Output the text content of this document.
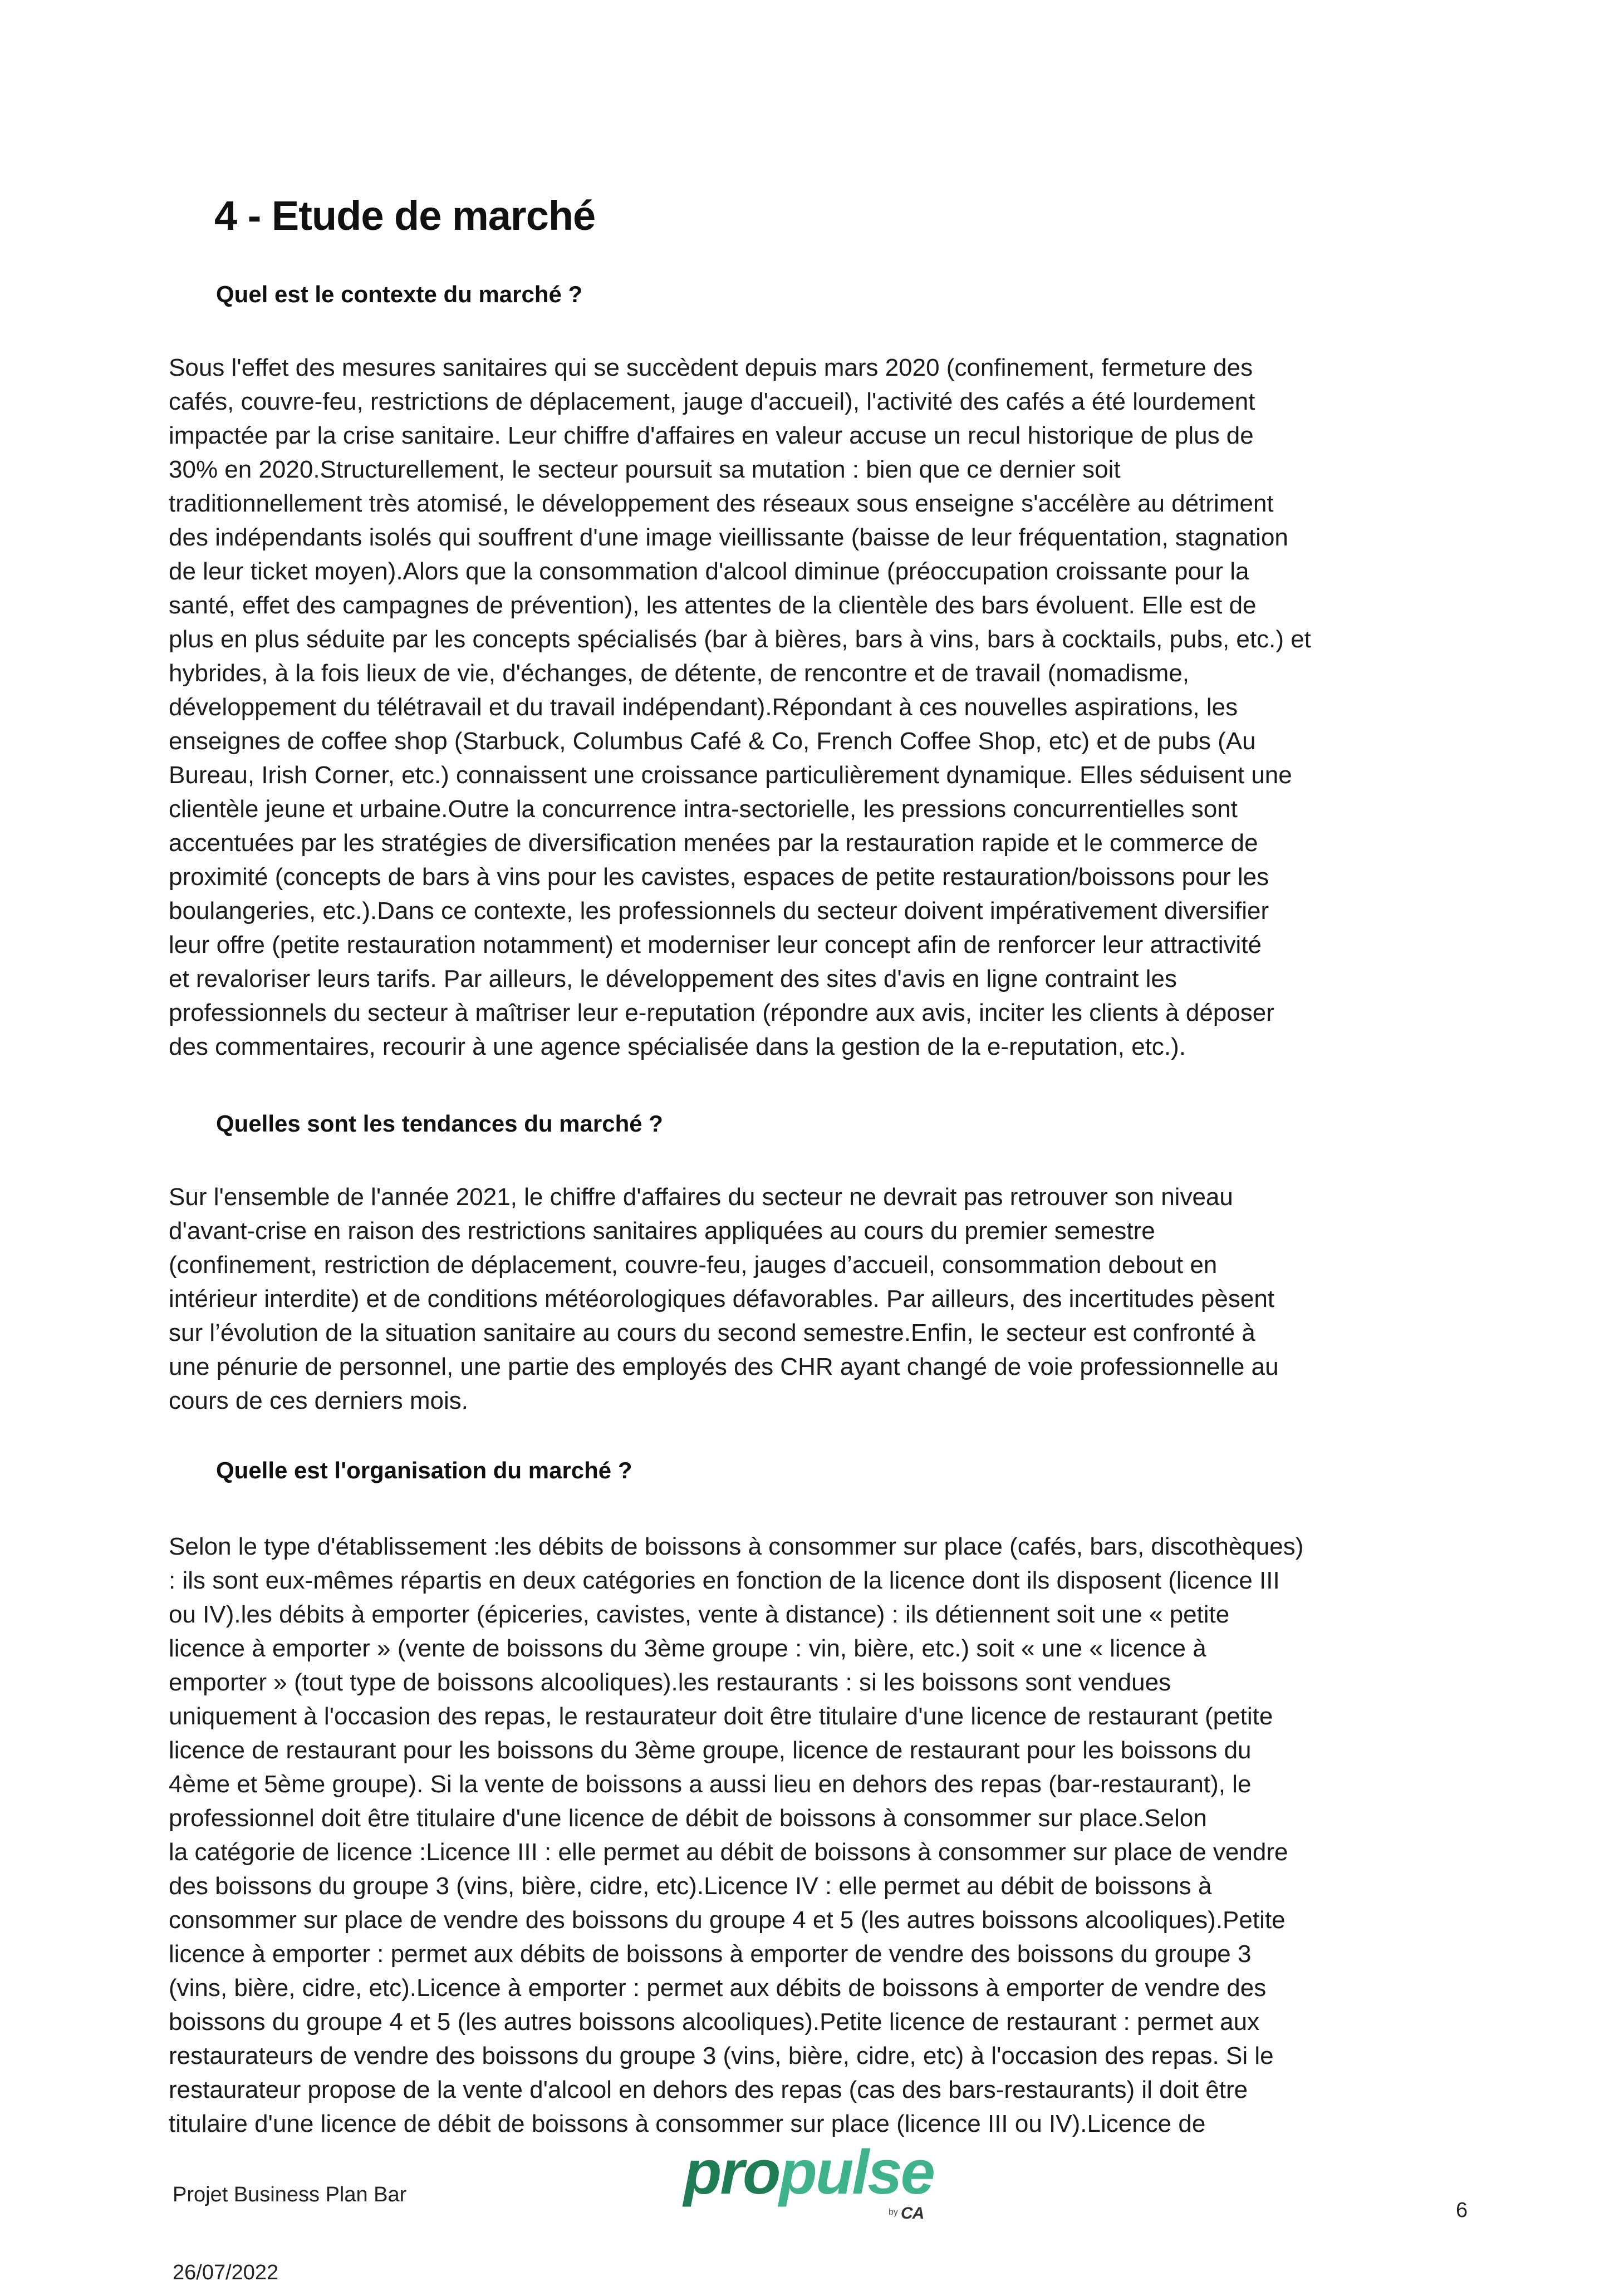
4 - Etude de marché
Quel est le contexte du marché ?
Sous l'effet des mesures sanitaires qui se succèdent depuis mars 2020 (confinement, fermeture des
cafés, couvre-feu, restrictions de déplacement, jauge d'accueil), l'activité des cafés a été lourdement
impactée par la crise sanitaire. Leur chiffre d'affaires en valeur accuse un recul historique de plus de
30% en 2020.Structurellement, le secteur poursuit sa mutation : bien que ce dernier soit
traditionnellement très atomisé, le développement des réseaux sous enseigne s'accélère au détriment
des indépendants isolés qui souffrent d'une image vieillissante (baisse de leur fréquentation, stagnation
de leur ticket moyen).Alors que la consommation d'alcool diminue (préoccupation croissante pour la
santé, effet des campagnes de prévention), les attentes de la clientèle des bars évoluent. Elle est de
plus en plus séduite par les concepts spécialisés (bar à bières, bars à vins, bars à cocktails, pubs, etc.) et
hybrides, à la fois lieux de vie, d'échanges, de détente, de rencontre et de travail (nomadisme,
développement du télétravail et du travail indépendant).Répondant à ces nouvelles aspirations, les
enseignes de coffee shop (Starbuck, Columbus Café & Co, French Coffee Shop, etc) et de pubs (Au
Bureau, Irish Corner, etc.) connaissent une croissance particulièrement dynamique. Elles séduisent une
clientèle jeune et urbaine.Outre la concurrence intra-sectorielle, les pressions concurrentielles sont
accentuées par les stratégies de diversification menées par la restauration rapide et le commerce de
proximité (concepts de bars à vins pour les cavistes, espaces de petite restauration/boissons pour les
boulangeries, etc.).Dans ce contexte, les professionnels du secteur doivent impérativement diversifier
leur offre (petite restauration notamment) et moderniser leur concept afin de renforcer leur attractivité
et revaloriser leurs tarifs. Par ailleurs, le développement des sites d'avis en ligne contraint les
professionnels du secteur à maîtriser leur e-reputation (répondre aux avis, inciter les clients à déposer
des commentaires, recourir à une agence spécialisée dans la gestion de la e-reputation, etc.).
Quelles sont les tendances du marché ?
Sur l'ensemble de l'année 2021, le chiffre d'affaires du secteur ne devrait pas retrouver son niveau
d'avant-crise en raison des restrictions sanitaires appliquées au cours du premier semestre
(confinement, restriction de déplacement, couvre-feu, jauges d’accueil, consommation debout en
intérieur interdite) et de conditions météorologiques défavorables. Par ailleurs, des incertitudes pèsent
sur l’évolution de la situation sanitaire au cours du second semestre.Enfin, le secteur est confronté à
une pénurie de personnel, une partie des employés des CHR ayant changé de voie professionnelle au
cours de ces derniers mois.
Quelle est l'organisation du marché ?
Selon le type d'établissement :les débits de boissons à consommer sur place (cafés, bars, discothèques)
: ils sont eux-mêmes répartis en deux catégories en fonction de la licence dont ils disposent (licence III
ou IV).les débits à emporter (épiceries, cavistes, vente à distance) : ils détiennent soit une « petite
licence à emporter » (vente de boissons du 3ème groupe : vin, bière, etc.) soit « une « licence à
emporter » (tout type de boissons alcooliques).les restaurants : si les boissons sont vendues
uniquement à l'occasion des repas, le restaurateur doit être titulaire d'une licence de restaurant (petite
licence de restaurant pour les boissons du 3ème groupe, licence de restaurant pour les boissons du
4ème et 5ème groupe). Si la vente de boissons a aussi lieu en dehors des repas (bar-restaurant), le
professionnel doit être titulaire d'une licence de débit de boissons à consommer sur place.Selon
la catégorie de licence :Licence III : elle permet au débit de boissons à consommer sur place de vendre
des boissons du groupe 3 (vins, bière, cidre, etc).Licence IV : elle permet au débit de boissons à
consommer sur place de vendre des boissons du groupe 4 et 5 (les autres boissons alcooliques).Petite
licence à emporter : permet aux débits de boissons à emporter de vendre des boissons du groupe 3
(vins, bière, cidre, etc).Licence à emporter : permet aux débits de boissons à emporter de vendre des
boissons du groupe 4 et 5 (les autres boissons alcooliques).Petite licence de restaurant : permet aux
restaurateurs de vendre des boissons du groupe 3 (vins, bière, cidre, etc) à l'occasion des repas. Si le
restaurateur propose de la vente d'alcool en dehors des repas (cas des bars-restaurants) il doit être
titulaire d'une licence de débit de boissons à consommer sur place (licence III ou IV).Licence de
Projet Business Plan Bar
26/07/2022
propulse
by CA	6
